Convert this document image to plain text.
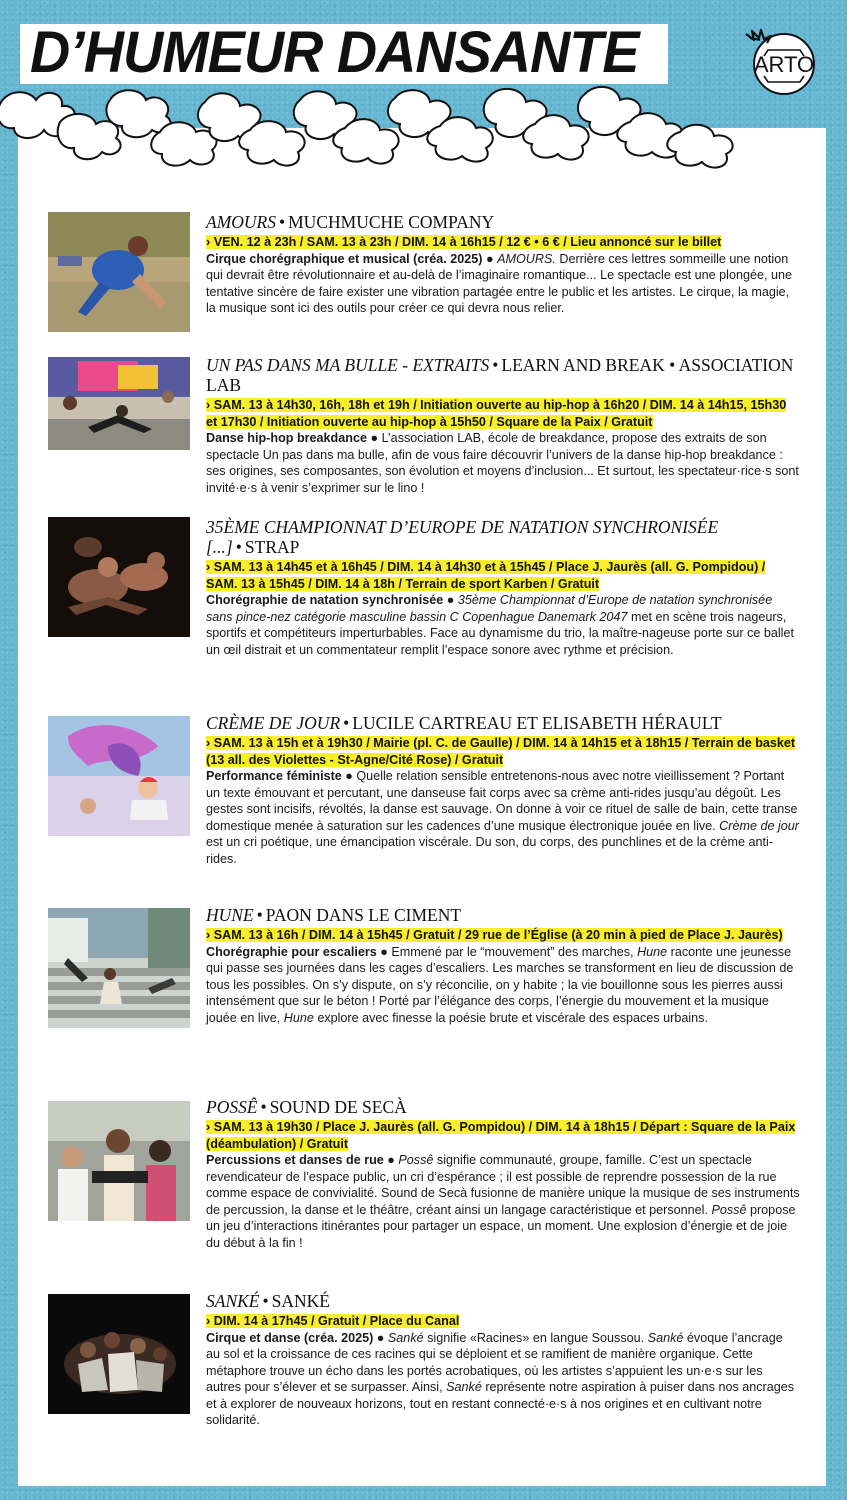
D’HUMEUR DANSANTE	ARTO

AMOURS • MUCHMUCHE COMPANY

› VEN. 12 à 23h / SAM. 13 à 23h / DIM. 14 à 16h15 / 12 € • 6 € / Lieu annoncé sur le billet

Cirque chorégraphique et musical (créa. 2025) ● AMOURS. Derrière ces lettres sommeille une notion qui devrait être révolutionnaire et au-delà de l’imaginaire romantique... Le spectacle est une plongée, une tentative sincère de faire exister une vibration partagée entre le public et les artistes. Le cirque, la magie, la musique sont ici des outils pour créer ce qui devra nous relier.

UN PAS DANS MA BULLE - EXTRAITS • LEARN AND BREAK • ASSOCIATION LAB

› SAM. 13 à 14h30, 16h, 18h et 19h / Initiation ouverte au hip-hop à 16h20 / DIM. 14 à 14h15, 15h30 et 17h30 / Initiation ouverte au hip-hop à 15h50 / Square de la Paix / Gratuit

Danse hip-hop breakdance ● L’association LAB, école de breakdance, propose des extraits de son spectacle Un pas dans ma bulle, afin de vous faire découvrir l’univers de la danse hip-hop breakdance : ses origines, ses composantes, son évolution et moyens d’inclusion... Et surtout, les spectateur·rice·s sont invité·e·s à venir s’exprimer sur le lino !

35ÈME CHAMPIONNAT D’EUROPE DE NATATION SYNCHRONISÉE [...] • STRAP

› SAM. 13 à 14h45 et à 16h45 / DIM. 14 à 14h30 et à 15h45 / Place J. Jaurès (all. G. Pompidou) / SAM. 13 à 15h45 / DIM. 14 à 18h / Terrain de sport Karben / Gratuit

Chorégraphie de natation synchronisée ● 35ème Championnat d’Europe de natation synchronisée sans pince-nez catégorie masculine bassin C Copenhague Danemark 2047 met en scène trois nageurs, sportifs et compétiteurs imperturbables. Face au dynamisme du trio, la maître-nageuse porte sur ce ballet un œil distrait et un commentateur remplit l’espace sonore avec rythme et précision.

CRÈME DE JOUR • LUCILE CARTREAU ET ELISABETH HÉRAULT

› SAM. 13 à 15h et à 19h30 / Mairie (pl. C. de Gaulle) / DIM. 14 à 14h15 et à 18h15 / Terrain de basket (13 all. des Violettes - St-Agne/Cité Rose) / Gratuit

Performance féministe ● Quelle relation sensible entretenons-nous avec notre vieillissement ? Portant un texte émouvant et percutant, une danseuse fait corps avec sa crème anti-rides jusqu’au dégoût. Les gestes sont incisifs, révoltés, la danse est sauvage. On donne à voir ce rituel de salle de bain, cette transe domestique menée à saturation sur les cadences d’une musique électronique jouée en live. Crème de jour est un cri poétique, une émancipation viscérale. Du son, du corps, des punchlines et de la crème anti-rides.

HUNE • PAON DANS LE CIMENT

› SAM. 13 à 16h / DIM. 14 à 15h45 / Gratuit / 29 rue de l’Église (à 20 min à pied de Place J. Jaurès)

Chorégraphie pour escaliers ● Emmené par le “mouvement” des marches, Hune raconte une jeunesse qui passe ses journées dans les cages d’escaliers. Les marches se transforment en lieu de discussion de tous les possibles. On s’y dispute, on s’y réconcilie, on y habite ; la vie bouillonne sous les pierres aussi intensément que sur le béton ! Porté par l’élégance des corps, l’énergie du mouvement et la musique jouée en live, Hune explore avec finesse la poésie brute et viscérale des espaces urbains.

POSSÊ • SOUND DE SECÀ

› SAM. 13 à 19h30 / Place J. Jaurès (all. G. Pompidou) / DIM. 14 à 18h15 / Départ : Square de la Paix (déambulation) / Gratuit

Percussions et danses de rue ● Possê signifie communauté, groupe, famille. C’est un spectacle revendicateur de l’espace public, un cri d’espérance ; il est possible de reprendre possession de la rue comme espace de convivialité. Sound de Secà fusionne de manière unique la musique de ses instruments de percussion, la danse et le théâtre, créant ainsi un langage caractéristique et personnel. Possê propose un jeu d’interactions itinérantes pour partager un espace, un moment. Une explosion d’énergie et de joie du début à la fin !

SANKÉ • SANKÉ

› DIM. 14 à 17h45 / Gratuit / Place du Canal

Cirque et danse (créa. 2025) ● Sanké signifie «Racines» en langue Soussou. Sanké évoque l’ancrage au sol et la croissance de ces racines qui se déploient et se ramifient de manière organique. Cette métaphore trouve un écho dans les portés acrobatiques, où les artistes s’appuient les un·e·s sur les autres pour s’élever et se surpasser. Ainsi, Sanké représente notre aspiration à puiser dans nos ancrages et à explorer de nouveaux horizons, tout en restant connecté·e·s à nos origines et en cultivant notre solidarité.
